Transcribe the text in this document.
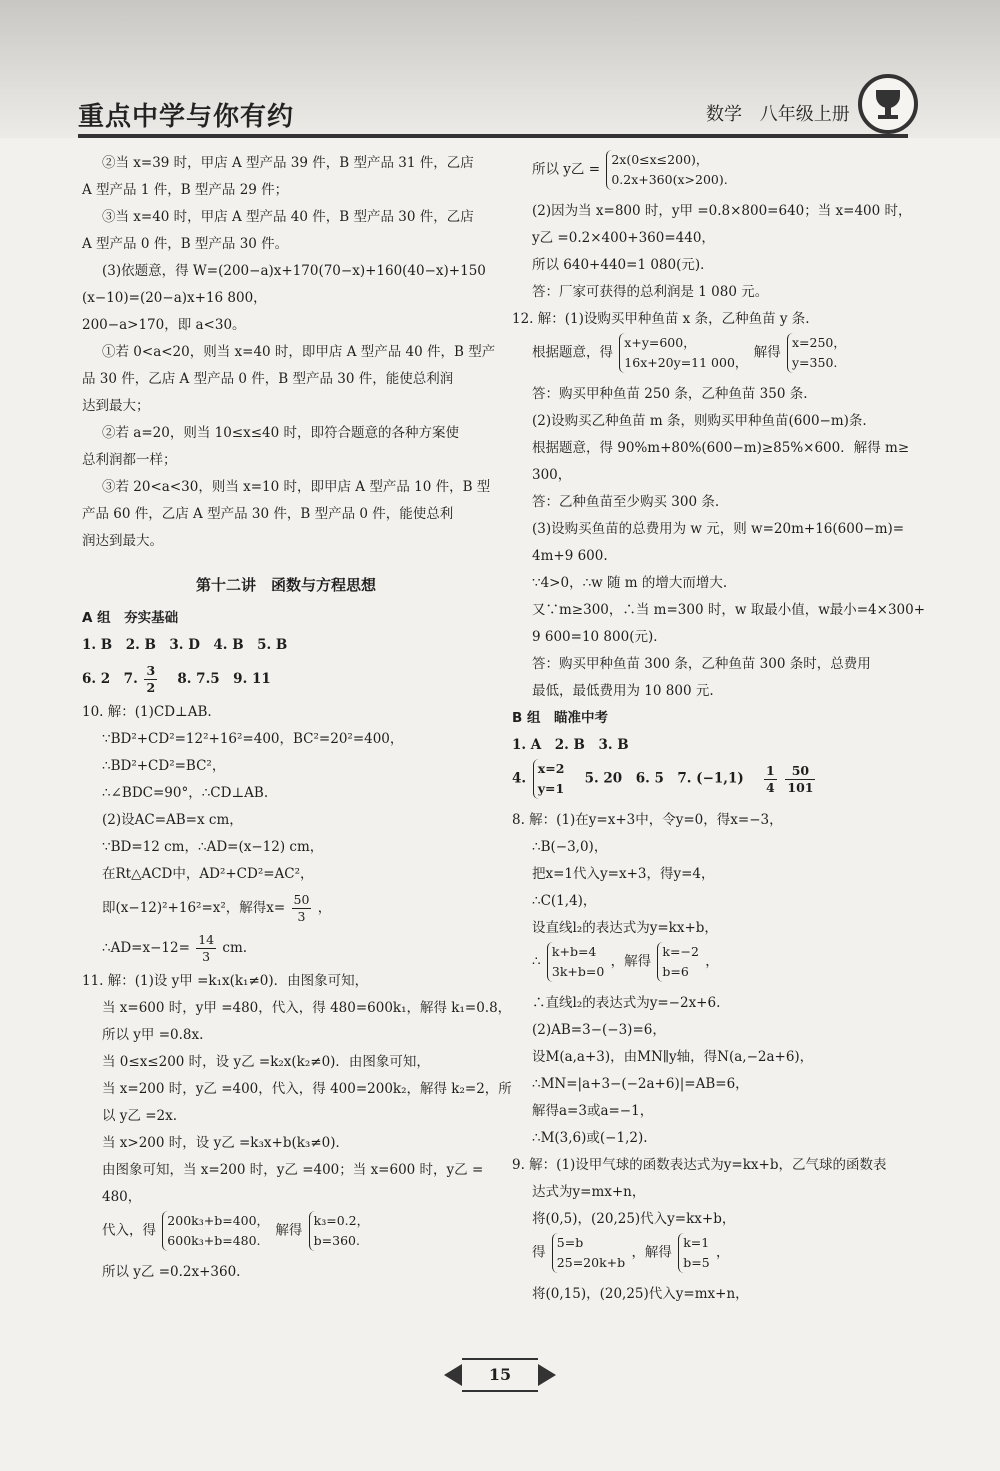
重点中学与你有约	数学 八年级上册
②当 x=39 时，甲店 A 型产品 39 件，B 型产品 31 件，乙店
A 型产品 1 件，B 型产品 29 件；
③当 x=40 时，甲店 A 型产品 40 件，B 型产品 30 件，乙店
A 型产品 0 件，B 型产品 30 件。
(3)依题意，得 W=(200−a)x+170(70−x)+160(40−x)+150
(x−10)=(20−a)x+16 800，
200−a>170，即 a<30。
①若 0<a<20，则当 x=40 时，即甲店 A 型产品 40 件，B 型产
品 30 件，乙店 A 型产品 0 件，B 型产品 30 件，能使总利润
达到最大；
②若 a=20，则当 10≤x≤40 时，即符合题意的各种方案使
总利润都一样；
③若 20<a<30，则当 x=10 时，即甲店 A 型产品 10 件，B 型
产品 60 件，乙店 A 型产品 30 件，B 型产品 0 件，能使总利
润达到最大。
第十二讲　函数与方程思想
A 组　夯实基础
1. B　2. B　3. D　4. B　5. B
6. 2　7. $\frac{3}{2}$ 　8. 7.5　9. 11
10. 解：(1)CD⊥AB.
∵BD²+CD²=12²+16²=400，BC²=20²=400，
∴BD²+CD²=BC²，
∴∠BDC=90°，∴CD⊥AB.
(2)设AC=AB=x cm，
∵BD=12 cm，∴AD=(x−12) cm，
在Rt△ACD中，AD²+CD²=AC²，
即(x−12)²+16²=x²，解得$x= \frac{50}{3}$ ，
∴AD=x−12= $\frac{14}{3}$ cm.
11. 解：(1)设 y甲 =k₁x(k₁≠0)．由图象可知，
当 x=600 时，y甲 =480，代入，得 480=600k₁，解得 k₁=0.8，
所以 y甲 =0.8x.
当 0≤x≤200 时，设 y乙 =k₂x(k₂≠0)．由图象可知，
当 x=200 时，y乙 =400，代入，得 400=200k₂，解得 k₂=2，所
以 y乙 =2x.
当 x>200 时，设 y乙 =k₃x+b(k₃≠0)．
由图象可知，当 x=200 时，y乙 =400；当 x=600 时，y乙 =
480，
代入，得
200k₃+b=400，
600k₃+b=480.
解得
k₃=0.2，
b=360.
所以 y乙 =0.2x+360.
所以 y乙 =
2x(0≤x≤200)，
0.2x+360(x>200).
(2)因为当 x=800 时，y甲 =0.8×800=640；当 x=400 时，
y乙 =0.2×400+360=440，
所以 640+440=1 080(元)．
答：厂家可获得的总利润是 1 080 元。
12. 解：(1)设购买甲种鱼苗 x 条，乙种鱼苗 y 条.
根据题意，得
x+y=600，
16x+20y=11 000，
解得
x=250，
y=350.
答：购买甲种鱼苗 250 条，乙种鱼苗 350 条.
(2)设购买乙种鱼苗 m 条，则购买甲种鱼苗(600−m)条.
根据题意，得 90%m+80%(600−m)≥85%×600．解得 m≥
300，
答：乙种鱼苗至少购买 300 条.
(3)设购买鱼苗的总费用为 w 元，则 w=20m+16(600−m)=
4m+9 600.
∵4>0，∴w 随 m 的增大而增大.
又∵m≥300，∴当 m=300 时，w 取最小值，w最小=4×300+
9 600=10 800(元)．
答：购买甲种鱼苗 300 条，乙种鱼苗 300 条时，总费用
最低，最低费用为 10 800 元.
B 组　瞄准中考
1. A　2. B　3. B
4.
x=2
y=1
　5. 20　6. 5　7. (−1,1)　 $\frac{1}{4}$
$\frac{50}{101}$
8. 解：(1)在y=x+3中，令y=0，得x=−3，
∴B(−3,0)，
把x=1代入y=x+3，得y=4，
∴C(1,4)，
设直线l₂的表达式为y=kx+b，
∴
k+b=4
3k+b=0
，解得
k=−2
b=6
，
∴直线l₂的表达式为y=−2x+6.
(2)AB=3−(−3)=6，
设M(a,a+3)，由MN∥y轴，得N(a,−2a+6)，
∴MN=|a+3−(−2a+6)|=AB=6，
解得a=3或a=−1，
∴M(3,6)或(−1,2).
9. 解：(1)设甲气球的函数表达式为y=kx+b，乙气球的函数表
达式为y=mx+n，
将(0,5)，(20,25)代入y=kx+b，
得
5=b
25=20k+b
，解得
k=1
b=5
，
将(0,15)，(20,25)代入y=mx+n，
15
